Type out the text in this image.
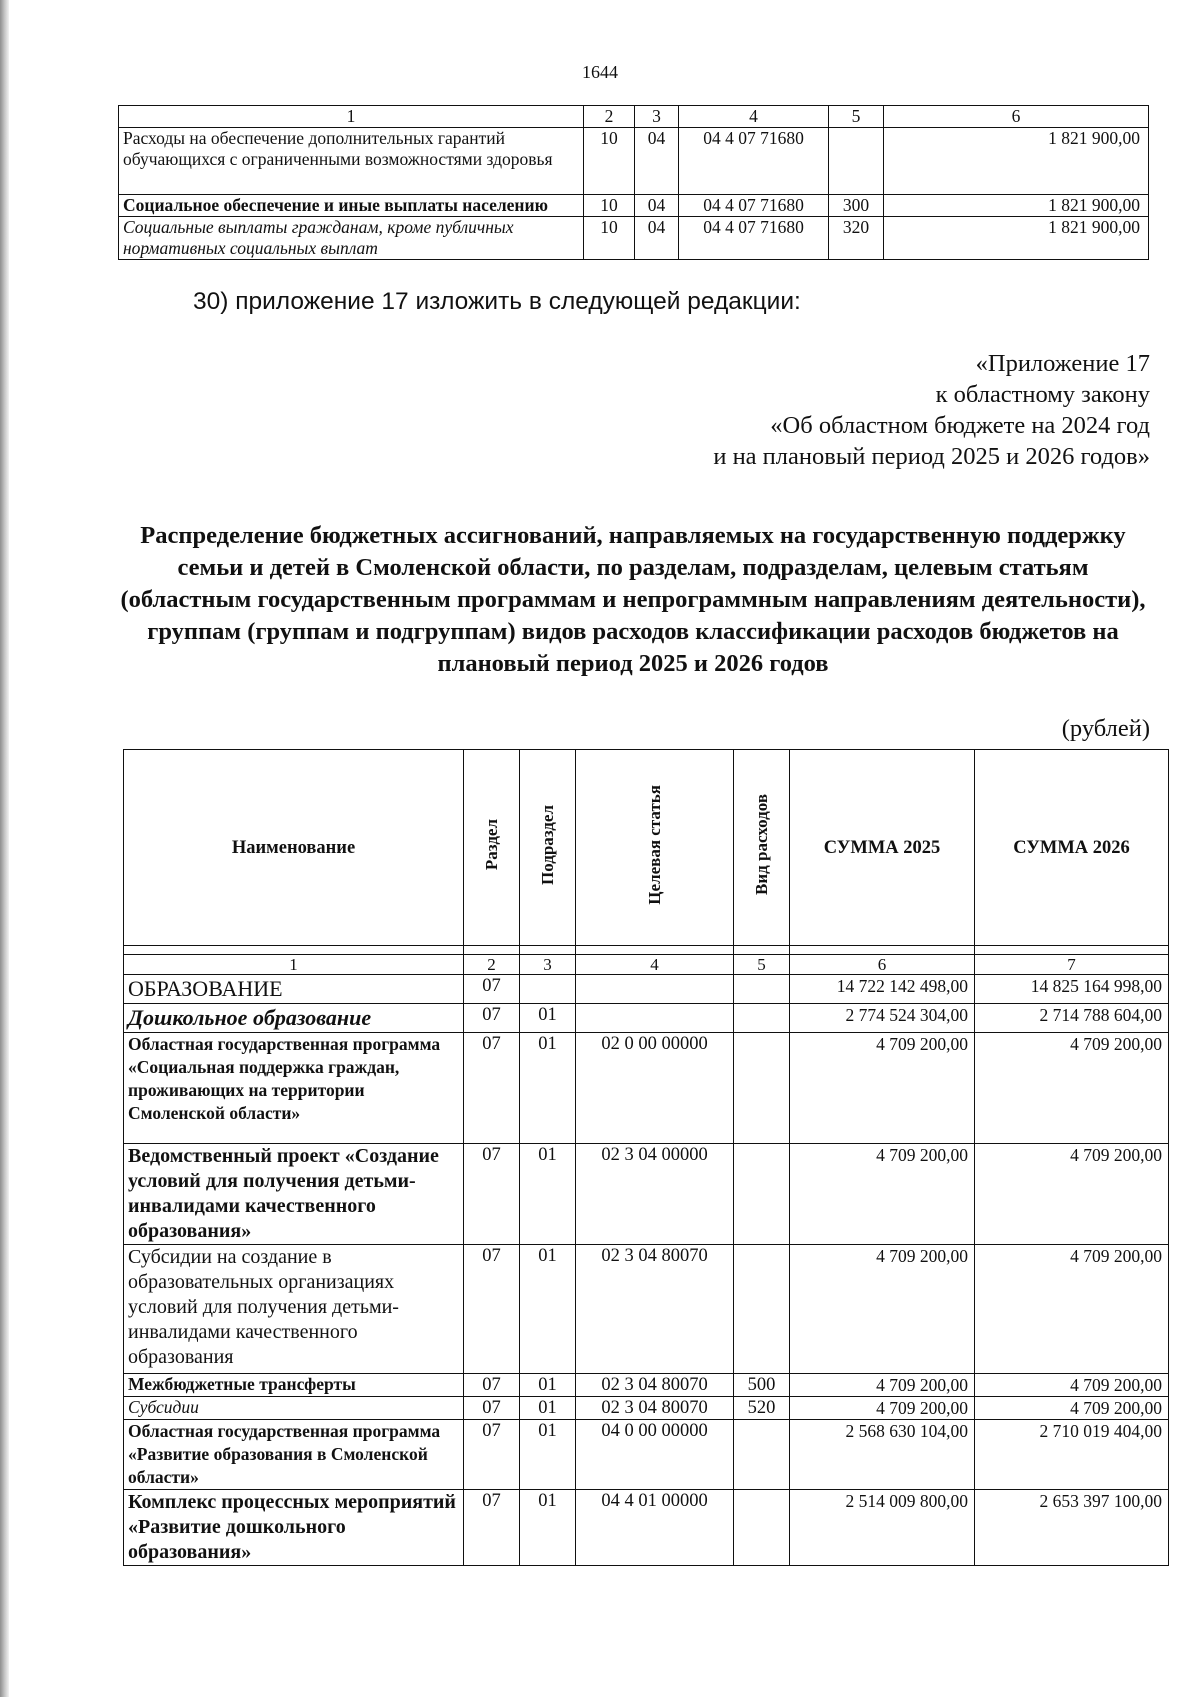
1644
1	2	3	4	5	6
Расходы на обеспечение дополнительных гарантий обучающихся с ограниченными возможностями здоровья	10	04	04 4 07 71680		1 821 900,00
Социальное обеспечение и иные выплаты населению	10	04	04 4 07 71680	300	1 821 900,00
Социальные выплаты гражданам, кроме публичных нормативных социальных выплат	10	04	04 4 07 71680	320	1 821 900,00
30) приложение 17 изложить в следующей редакции:
«Приложение 17
к областному закону
«Об областном бюджете на 2024 год
и на плановый период 2025 и 2026 годов»
Распределение бюджетных ассигнований, направляемых на государственную поддержку семьи и детей в Смоленской области, по разделам, подразделам, целевым статьям (областным государственным программам и непрограммным направлениям деятельности), группам (группам и подгруппам) видов расходов классификации расходов бюджетов на плановый период 2025 и 2026 годов
(рублей)
Наименование	Раздел	Подраздел	Целевая статья	Вид расходов	СУММА 2025	СУММА 2026

1	2	3	4	5	6	7
ОБРАЗОВАНИЕ	07				14 722 142 498,00	14 825 164 998,00
Дошкольное образование	07	01			2 774 524 304,00	2 714 788 604,00
Областная государственная программа «Социальная поддержка граждан, проживающих на территории Смоленской области»	07	01	02 0 00 00000		4 709 200,00	4 709 200,00
Ведомственный проект «Создание условий для получения детьми-инвалидами качественного образования»	07	01	02 3 04 00000		4 709 200,00	4 709 200,00
Субсидии на создание в образовательных организациях условий для получения детьми-инвалидами качественного образования	07	01	02 3 04 80070		4 709 200,00	4 709 200,00
Межбюджетные трансферты	07	01	02 3 04 80070	500	4 709 200,00	4 709 200,00
Субсидии	07	01	02 3 04 80070	520	4 709 200,00	4 709 200,00
Областная государственная программа «Развитие образования в Смоленской области»	07	01	04 0 00 00000		2 568 630 104,00	2 710 019 404,00
Комплекс процессных мероприятий «Развитие дошкольного образования»	07	01	04 4 01 00000		2 514 009 800,00	2 653 397 100,00
